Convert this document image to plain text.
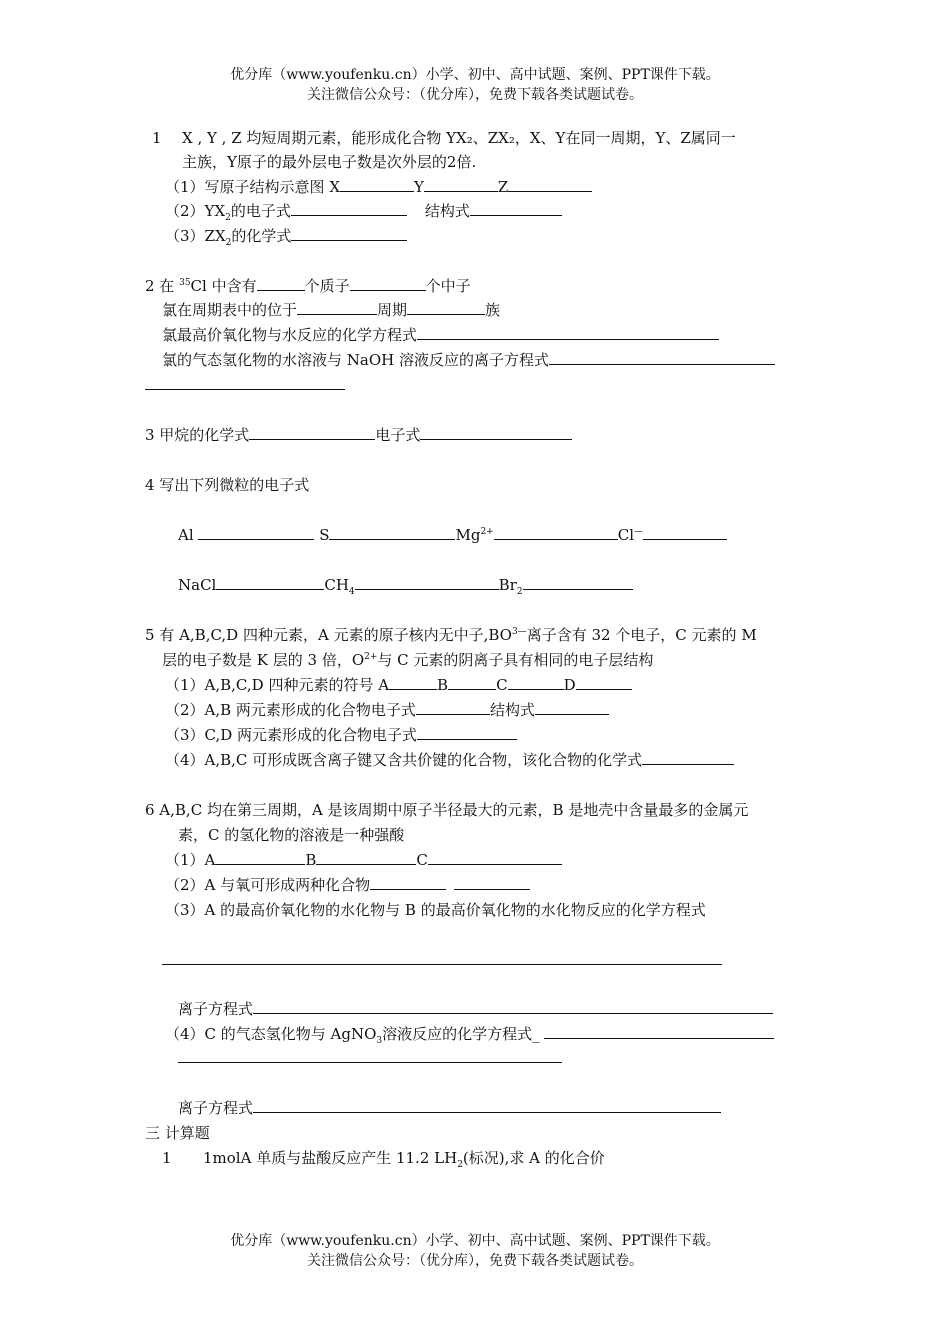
优分库（www.youfenku.cn）小学、初中、高中试题、案例、PPT课件下载。
关注微信公众号：（优分库），免费下载各类试题试卷。
1 X , Y , Z 均短周期元素，能形成化合物 YX₂、ZX₂，X、Y在同一周期，Y、Z属同一
主族，Y原子的最外层电子数是次外层的2倍.
（1）写原子结构示意图 X	Y	Z
$(2)YX_2$的电子式	结构式
$(3)ZX_2$的化学式
2 在 $^{35}$Cl 中含有	个质子	个中子
氯在周期表中的位于	周期	族
氯最高价氧化物与水反应的化学方程式
氯的气态氢化物的水溶液与 NaOH 溶液反应的离子方程式
3 甲烷的化学式	电子式
4 写出下列微粒的电子式
Al	S	$Mg^{2+}$	Cl—
NaCl	$CH_4$	$Br_2$
5 有 A,B,C,D 四种元素，A 元素的原子核内无中子$,BO^{3—}$离子含有 32 个电子，C 元素的 M
层的电子数是 K 层的 3 倍，$O^{2+}$与 C 元素的阴离子具有相同的电子层结构
（1）A,B,C,D 四种元素的符号 A	B	C	D
（2）A,B 两元素形成的化合物电子式	结构式
（3）C,D 两元素形成的化合物电子式
（4）A,B,C 可形成既含离子键又含共价键的化合物，该化合物的化学式
6 A,B,C 均在第三周期，A 是该周期中原子半径最大的元素，B 是地壳中含量最多的金属元
素，C 的氢化物的溶液是一种强酸
（1）A	B	C
（2）A 与氧可形成两种化合物
（3）A 的最高价氧化物的水化物与 B 的最高价氧化物的水化物反应的化学方程式
离子方程式
（4）C 的气态氢化物与 AgNO$_3$溶液反应的化学方程式_
离子方程式
三 计算题
1 1molA 单质与盐酸反应产生 11.2 $LH_2$(标况),求 A 的化合价
优分库（www.youfenku.cn）小学、初中、高中试题、案例、PPT课件下载。
关注微信公众号：（优分库），免费下载各类试题试卷。
